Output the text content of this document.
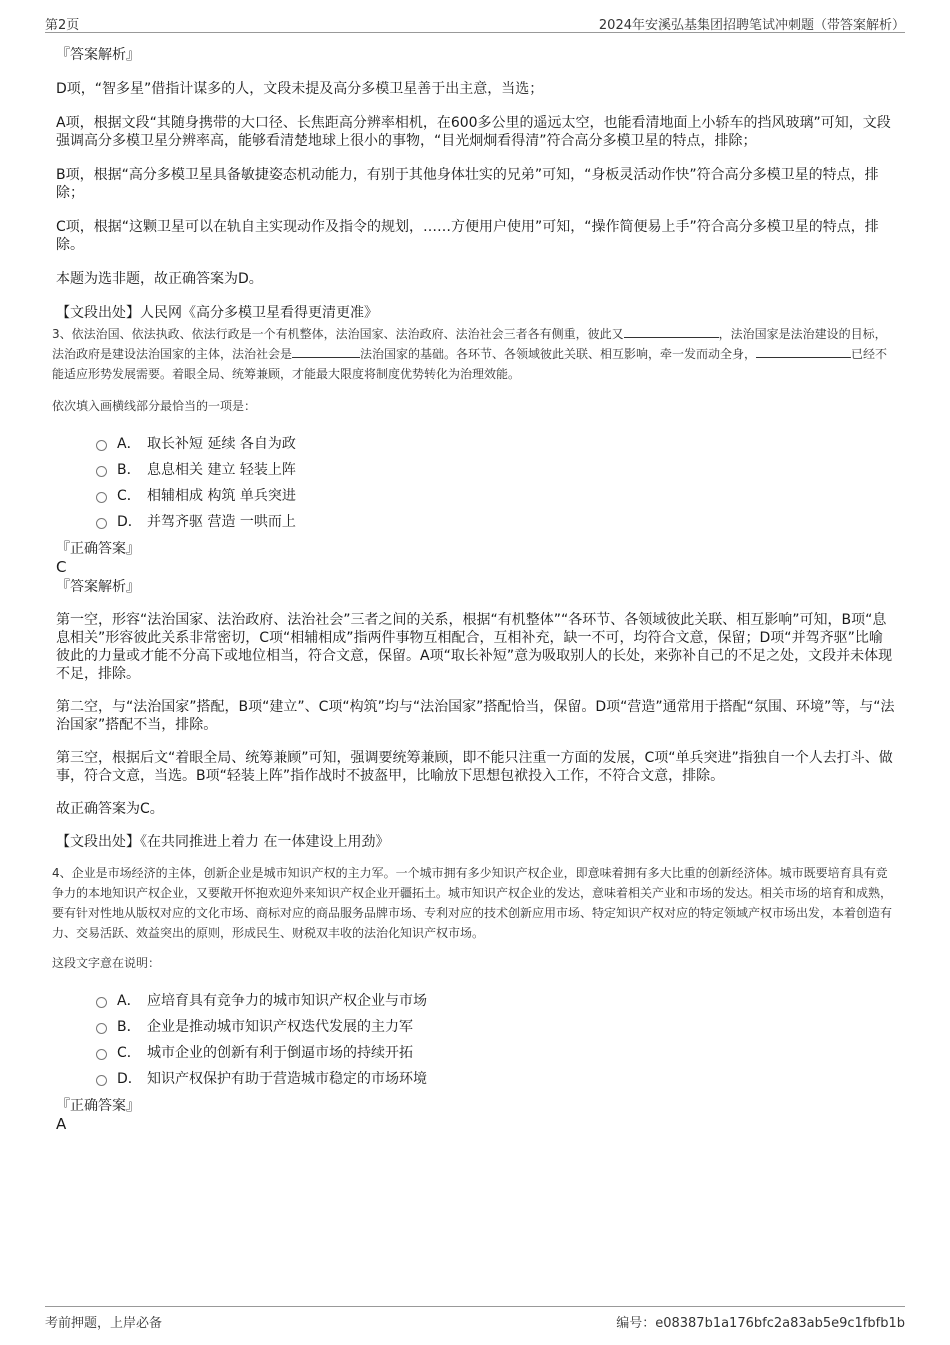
第2页	2024年安溪弘基集团招聘笔试冲刺题（带答案解析）

『答案解析』

D项，“智多星”借指计谋多的人，文段未提及高分多模卫星善于出主意，当选；

A项，根据文段“其随身携带的大口径、长焦距高分辨率相机，在600多公里的遥远太空，也能看清地面上小轿车的挡风玻璃”可知，文段强调高分多模卫星分辨率高，能够看清楚地球上很小的事物，“目光炯炯看得清”符合高分多模卫星的特点，排除；

B项，根据“高分多模卫星具备敏捷姿态机动能力，有别于其他身体壮实的兄弟”可知，“身板灵活动作快”符合高分多模卫星的特点，排除；

C项，根据“这颗卫星可以在轨自主实现动作及指令的规划，……方便用户使用”可知，“操作简便易上手”符合高分多模卫星的特点，排除。

本题为选非题，故正确答案为D。

【文段出处】人民网《高分多模卫星看得更清更准》

3、依法治国、依法执政、依法行政是一个有机整体，法治国家、法治政府、法治社会三者各有侧重，彼此又	，法治国家是法治建设的目标，法治政府是建设法治国家的主体，法治社会是	法治国家的基础。各环节、各领域彼此关联、相互影响，牵一发而动全身，	已经不能适应形势发展需要。着眼全局、统筹兼顾，才能最大限度将制度优势转化为治理效能。

依次填入画横线部分最恰当的一项是：

A． 取长补短 延续 各自为政
B． 息息相关 建立 轻装上阵
C． 相辅相成 构筑 单兵突进
D． 并驾齐驱 营造 一哄而上

『正确答案』

C

『答案解析』

第一空，形容“法治国家、法治政府、法治社会”三者之间的关系，根据“有机整体”“各环节、各领域彼此关联、相互影响”可知，B项“息息相关”形容彼此关系非常密切，C项“相辅相成”指两件事物互相配合，互相补充，缺一不可，均符合文意，保留；D项“并驾齐驱”比喻彼此的力量或才能不分高下或地位相当，符合文意，保留。A项“取长补短”意为吸取别人的长处，来弥补自己的不足之处，文段并未体现不足，排除。

第二空，与“法治国家”搭配，B项“建立”、C项“构筑”均与“法治国家”搭配恰当，保留。D项“营造”通常用于搭配“氛围、环境”等，与“法治国家”搭配不当，排除。

第三空，根据后文“着眼全局、统筹兼顾”可知，强调要统筹兼顾，即不能只注重一方面的发展，C项“单兵突进”指独自一个人去打斗、做事，符合文意，当选。B项“轻装上阵”指作战时不披盔甲，比喻放下思想包袱投入工作，不符合文意，排除。

故正确答案为C。

【文段出处】《在共同推进上着力 在一体建设上用劲》

4、企业是市场经济的主体，创新企业是城市知识产权的主力军。一个城市拥有多少知识产权企业，即意味着拥有多大比重的创新经济体。城市既要培育具有竞争力的本地知识产权企业，又要敞开怀抱欢迎外来知识产权企业开疆拓土。城市知识产权企业的发达，意味着相关产业和市场的发达。相关市场的培育和成熟，要有针对性地从版权对应的文化市场、商标对应的商品服务品牌市场、专利对应的技术创新应用市场、特定知识产权对应的特定领域产权市场出发，本着创造有力、交易活跃、效益突出的原则，形成民生、财税双丰收的法治化知识产权市场。

这段文字意在说明：

A． 应培育具有竞争力的城市知识产权企业与市场
B． 企业是推动城市知识产权迭代发展的主力军
C． 城市企业的创新有利于倒逼市场的持续开拓
D． 知识产权保护有助于营造城市稳定的市场环境

『正确答案』

A

考前押题，上岸必备	编号：e08387b1a176bfc2a83ab5e9c1fbfb1b
